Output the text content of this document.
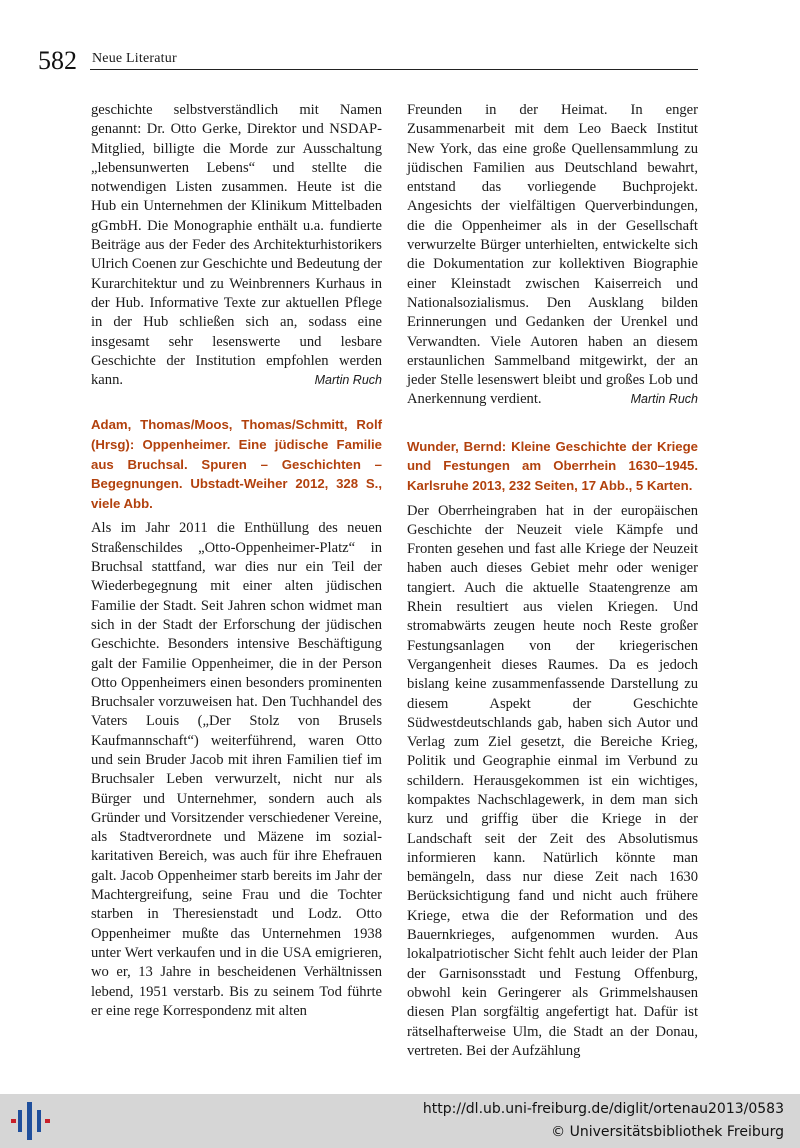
582 Neue Literatur

geschichte selbstverständlich mit Namen genannt: Dr. Otto Gerke, Direktor und NSDAP-Mitglied, billigte die Morde zur Ausschaltung „lebensunwerten Lebens“ und stellte die notwendigen Listen zusammen. Heute ist die Hub ein Unternehmen der Klinikum Mittelbaden gGmbH. Die Monographie enthält u.a. fundierte Beiträge aus der Feder des Architekturhistorikers Ulrich Coenen zur Geschichte und Bedeutung der Kurarchitektur und zu Weinbrenners Kurhaus in der Hub. Informative Texte zur aktuellen Pflege in der Hub schließen sich an, sodass eine insgesamt sehr lesenswerte und lesbare Geschichte der Institution empfohlen werden kann.	Martin Ruch

Adam, Thomas/Moos, Thomas/Schmitt, Rolf (Hrsg): Oppenheimer. Eine jüdische Familie aus Bruchsal. Spuren – Geschichten – Begegnungen. Ubstadt-Weiher 2012, 328 S., viele Abb.

Als im Jahr 2011 die Enthüllung des neuen Straßenschildes „Otto-Oppenheimer-Platz“ in Bruchsal stattfand, war dies nur ein Teil der Wiederbegegnung mit einer alten jüdischen Familie der Stadt. Seit Jahren schon widmet man sich in der Stadt der Erforschung der jüdischen Geschichte. Besonders intensive Beschäftigung galt der Familie Oppenheimer, die in der Person Otto Oppenheimers einen besonders prominenten Bruchsaler vorzuweisen hat. Den Tuchhandel des Vaters Louis („Der Stolz von Brusels Kaufmannschaft“) weiterführend, waren Otto und sein Bruder Jacob mit ihren Familien tief im Bruchsaler Leben verwurzelt, nicht nur als Bürger und Unternehmer, sondern auch als Gründer und Vorsitzender verschiedener Vereine, als Stadtverordnete und Mäzene im sozial-karitativen Bereich, was auch für ihre Ehefrauen galt. Jacob Oppenheimer starb bereits im Jahr der Machtergreifung, seine Frau und die Tochter starben in Theresienstadt und Lodz. Otto Oppenheimer mußte das Unternehmen 1938 unter Wert verkaufen und in die USA emigrieren, wo er, 13 Jahre in bescheidenen Verhältnissen lebend, 1951 verstarb. Bis zu seinem Tod führte er eine rege Korrespondenz mit alten

Freunden in der Heimat. In enger Zusammenarbeit mit dem Leo Baeck Institut New York, das eine große Quellensammlung zu jüdischen Familien aus Deutschland bewahrt, entstand das vorliegende Buchprojekt. Angesichts der vielfältigen Querverbindungen, die die Oppenheimer als in der Gesellschaft verwurzelte Bürger unterhielten, entwickelte sich die Dokumentation zur kollektiven Biographie einer Kleinstadt zwischen Kaiserreich und Nationalsozialismus. Den Ausklang bilden Erinnerungen und Gedanken der Urenkel und Verwandten. Viele Autoren haben an diesem erstaunlichen Sammelband mitgewirkt, der an jeder Stelle lesenswert bleibt und großes Lob und Anerkennung verdient.	Martin Ruch

Wunder, Bernd: Kleine Geschichte der Kriege und Festungen am Oberrhein 1630–1945. Karlsruhe 2013, 232 Seiten, 17 Abb., 5 Karten.

Der Oberrheingraben hat in der europäischen Geschichte der Neuzeit viele Kämpfe und Fronten gesehen und fast alle Kriege der Neuzeit haben auch dieses Gebiet mehr oder weniger tangiert. Auch die aktuelle Staatengrenze am Rhein resultiert aus vielen Kriegen. Und stromabwärts zeugen heute noch Reste großer Festungsanlagen von der kriegerischen Vergangenheit dieses Raumes. Da es jedoch bislang keine zusammenfassende Darstellung zu diesem Aspekt der Geschichte Südwestdeutschlands gab, haben sich Autor und Verlag zum Ziel gesetzt, die Bereiche Krieg, Politik und Geographie einmal im Verbund zu schildern. Herausgekommen ist ein wichtiges, kompaktes Nachschlagewerk, in dem man sich kurz und griffig über die Kriege in der Landschaft seit der Zeit des Absolutismus informieren kann. Natürlich könnte man bemängeln, dass nur diese Zeit nach 1630 Berücksichtigung fand und nicht auch frühere Kriege, etwa die der Reformation und des Bauernkrieges, aufgenommen wurden. Aus lokalpatriotischer Sicht fehlt auch leider der Plan der Garnisonsstadt und Festung Offenburg, obwohl kein Geringerer als Grimmelshausen diesen Plan sorgfältig angefertigt hat. Dafür ist rätselhafterweise Ulm, die Stadt an der Donau, vertreten. Bei der Aufzählung

http://dl.ub.uni-freiburg.de/diglit/ortenau2013/0583
© Universitätsbibliothek Freiburg
